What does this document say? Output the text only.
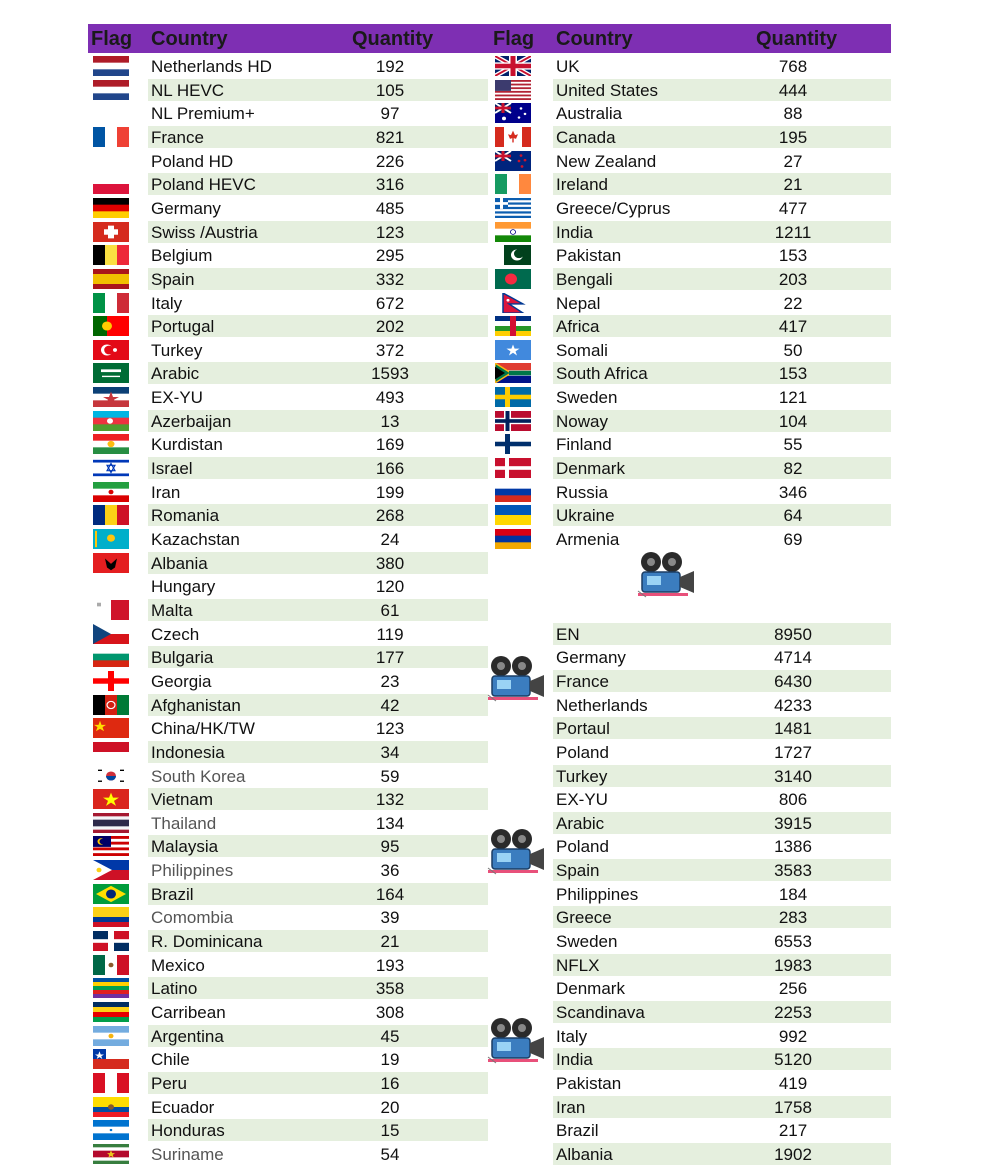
Flag Country	Quantity	Flag Country	Quantity
Netherlands HD	192
NL HEVC	105
NL Premium+	97
France	821
Poland HD	226
Poland HEVC	316
Germany	485
Swiss /Austria	123
Belgium	295
Spain	332
Italy	672
Portugal	202
Turkey	372
Arabic	1593
EX-YU	493
Azerbaijan	13
Kurdistan	169
Israel	166
Iran	199
Romania	268
Kazachstan	24
Albania	380
Hungary	120
Malta	61
Czech	119
Bulgaria	177
Georgia	23
Afghanistan	42
China/HK/TW	123
Indonesia	34
South Korea	59
Vietnam	132
Thailand	134
Malaysia	95
Philippines	36
Brazil	164
Comombia	39
R. Dominicana	21
Mexico	193
Latino	358
Carribean	308
Argentina	45
Chile	19
Peru	16
Ecuador	20
Honduras	15
Suriname	54
UK	768
United States	444
Australia	88
Canada	195
New Zealand	27
Ireland	21
Greece/Cyprus	477
India	1211
Pakistan	153
Bengali	203
Nepal	22
Africa	417
Somali	50
South Africa	153
Sweden	121
Noway	104
Finland	55
Denmark	82
Russia	346
Ukraine	64
Armenia	69
EN	8950
Germany	4714
France	6430
Netherlands	4233
Portaul	1481
Poland	1727
Turkey	3140
EX-YU	806
Arabic	3915
Poland	1386
Spain	3583
Philippines	184
Greece	283
Sweden	6553
NFLX	1983
Denmark	256
Scandinava	2253
Italy	992
India	5120
Pakistan	419
Iran	1758
Brazil	217
Albania	1902
